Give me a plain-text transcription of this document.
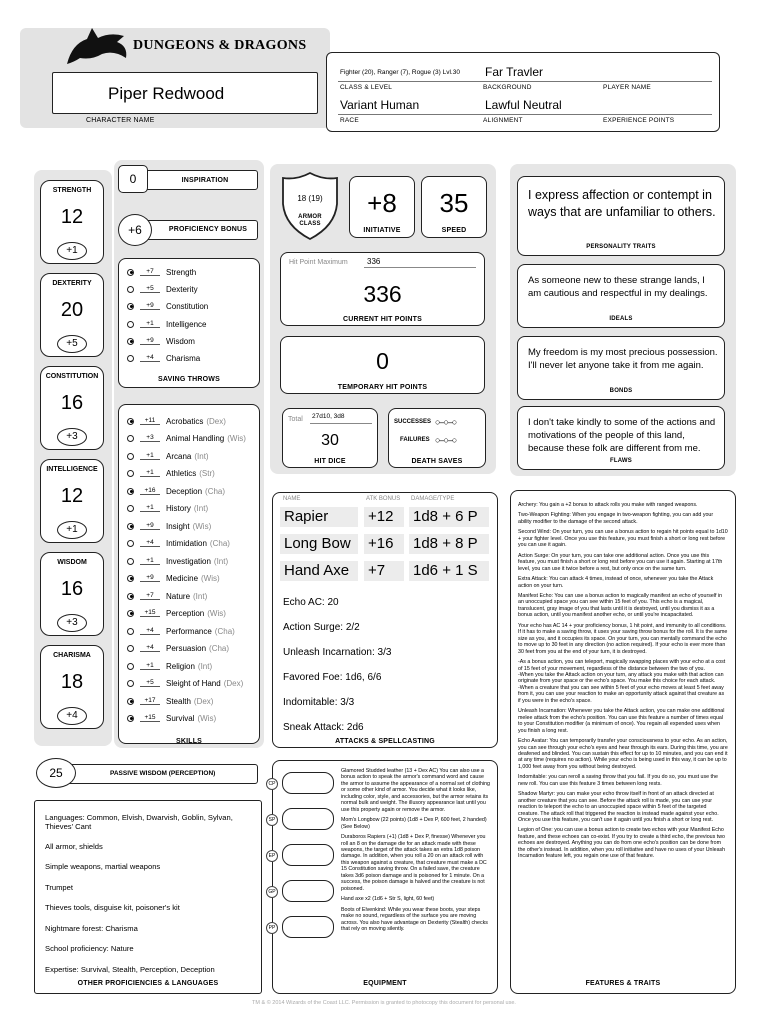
DUNGEONS & DRAGONS
Piper Redwood
CHARACTER NAME
Fighter (20), Ranger (7), Rogue (3) Lvl.30 Far Travler
CLASS & LEVEL	BACKGROUND	PLAYER NAME
Variant Human	Lawful Neutral
RACE	ALIGNMENT	EXPERIENCE POINTS
STRENGTH
12
+1
DEXTERITY
20
+5
CONSTITUTION
16
+3
INTELLIGENCE
12
+1
WISDOM
16
+3
CHARISMA
18
+4
0	INSPIRATION
+6	PROFICIENCY BONUS
+7	Strength
+5	Dexterity
+9	Constitution
+1	Intelligence
+9	Wisdom
+4	Charisma
SAVING THROWS
+11	Acrobatics (Dex)
+3	Animal Handling (Wis)
+1	Arcana (Int)
+1	Athletics (Str)
+16	Deception (Cha)
+1	History (Int)
+9	Insight (Wis)
+4	Intimidation (Cha)
+1	Investigation (Int)
+9	Medicine (Wis)
+7	Nature (Int)
+15	Perception (Wis)
+4	Performance (Cha)
+4	Persuasion (Cha)
+1	Religion (Int)
+5	Sleight of Hand (Dex)
+17	Stealth (Dex)
+15	Survival (Wis)
SKILLS
25	PASSIVE WISDOM (PERCEPTION)
Languages: Common, Elvish, Dwarvish, Goblin, Sylvan, Thieves' Cant
All armor, shields
Simple weapons, martial weapons
Trumpet
Thieves tools, disguise kit, poisoner's kit
Nightmare forest: Charisma
School proficiency: Nature
Expertise: Survival, Stealth, Perception, Deception
OTHER PROFICIENCIES & LANGUAGES
18 (19)
ARMOR CLASS
+8
INITIATIVE
35
SPEED
Hit Point Maximum 336
336
CURRENT HIT POINTS
0
TEMPORARY HIT POINTS
Total 27d10, 3d8
30
HIT DICE
SUCCESSES ○–○–○
FAILURES ○–○–○
DEATH SAVES
NAME	ATK BONUS DAMAGE/TYPE
Rapier	+12	1d8 + 6 P
Long Bow	+16	1d8 + 8 P
Hand Axe	+7	1d6 + 1 S
Echo AC: 20
Action Surge: 2/2
Unleash Incarnation: 3/3
Favored Foe: 1d6, 6/6
Indomitable: 3/3
Sneak Attack: 2d6
ATTACKS & SPELLCASTING
CP
SP
EP
GP
PP
Glamored Studded leather (13 + Dex AC) You can also use a bonus action to speak the armor's command word and cause the armor to assume the appearance of a normal set of clothing or some other kind of armor. You decide what it looks like, including color, style, and accessories, but the armor retains its normal bulk and weight. The illusory appearance last until you use this property again or remove the armor.
Mom's Longbow (22 points) (1d8 + Dex P, 600 feet, 2 handed) (See Below)
Duraboros Rapiers (+1) (1d8 + Dex P, finesse) Whenever you roll an 8 on the damage die for an attack made with these weapons, the target of the attack takes an extra 1d8 poison damage. In addition, when you roll a 20 on an attack roll with this weapon against a creature, that creature must make a DC 15 Constitution saving throw. On a failed save, the creature takes 3d6 poison damage and is poisoned for 1 minute. On a success, the poison damage is halved and the creature is not poisoned.
Hand axe x2 (1d6 + Str S, light, 60 feet)
Boots of Elvenkind: While you wear these boots, your steps make no sound, regardless of the surface you are moving across. You also have advantage on Dexterity (Stealth) checks that rely on moving silently.
EQUIPMENT
I express affection or contempt in ways that are unfamiliar to others.
PERSONALITY TRAITS
As someone new to these strange lands, I am cautious and respectful in my dealings.
IDEALS
My freedom is my most precious possession. I'll never let anyone take it from me again.
BONDS
I don't take kindly to some of the actions and motivations of the people of this land, because these folk are different from me.
FLAWS
Archery: You gain a +2 bonus to attack rolls you make with ranged weapons.
Two-Weapon Fighting: When you engage in two-weapon fighting, you can add your ability modifier to the damage of the second attack.
Second Wind: On your turn, you can use a bonus action to regain hit points equal to 1d10 + your fighter level. Once you use this feature, you must finish a short or long rest before you can use it again.
Action Surge: On your turn, you can take one additional action. Once you use this feature, you must finish a short or long rest before you can use it again. Starting at 17th level, you can use it twice before a rest, but only once on the same turn.
Extra Attack: You can attack 4 times, instead of once, whenever you take the Attack action on your turn.
Manifest Echo: You can use a bonus action to magically manifest an echo of yourself in an unoccupied space you can see within 15 feet of you. This echo is a magical, translucent, gray image of you that lasts until it is destroyed, until you dismiss it as a bonus action, until you manifest another echo, or until you're incapacitated.
Your echo has AC 14 + your proficiency bonus, 1 hit point, and immunity to all conditions. If it has to make a saving throw, it uses your saving throw bonus for the roll. It is the same size as you, and it occupies its space. On your turn, you can mentally command the echo to move up to 30 feet in any direction (no action required). If your echo is ever more than 30 feet from you at the end of your turn, it is destroyed.
-As a bonus action, you can teleport, magically swapping places with your echo at a cost of 15 feet of your movement, regardless of the distance between the two of you.
-When you take the Attack action on your turn, any attack you make with that action can originate from your space or the echo's space. You make this choice for each attack.
-When a creature that you can see within 5 feet of your echo moves at least 5 feet away from it, you can use your reaction to make an opportunity attack against that creature as if you were in the echo's space.
Unleash Incarnation: Whenever you take the Attack action, you can make one additional melee attack from the echo's position. You can use this feature a number of times equal to your Constitution modifier (a minimum of once). You regain all expended uses when you finish a long rest.
Echo Avatar: You can temporarily transfer your consciousness to your echo. As an action, you can see through your echo's eyes and hear through its ears. During this time, you are deafened and blinded. You can sustain this effect for up to 10 minutes, and you can end it at any time (requires no action). While your echo is being used in this way, it can be up to 1,000 feet away from you without being destroyed.
Indomitable: you can reroll a saving throw that you fail. If you do so, you must use the new roll. You can use this feature 3 times between long rests.
Shadow Martyr: you can make your echo throw itself in front of an attack directed at another creature that you can see. Before the attack roll is made, you can use your reaction to teleport the echo to an unoccupied space within 5 feet of the targeted creature. The attack roll that triggered the reaction is instead made against your echo. Once you use this feature, you can't use it again until you finish a short or long rest.
Legion of One: you can use a bonus action to create two echos with your Manifest Echo feature, and these echoes can co-exist. If you try to create a third echo, the previous two echoes are destroyed. Anything you can do from one echo's position can be done from the other's instead. In addition, when you roll initiative and have no uses of your Unleash Incarnation feature left, you regain one use of that feature.
FEATURES & TRAITS
TM & © 2014 Wizards of the Coast LLC. Permission is granted to photocopy this document for personal use.
